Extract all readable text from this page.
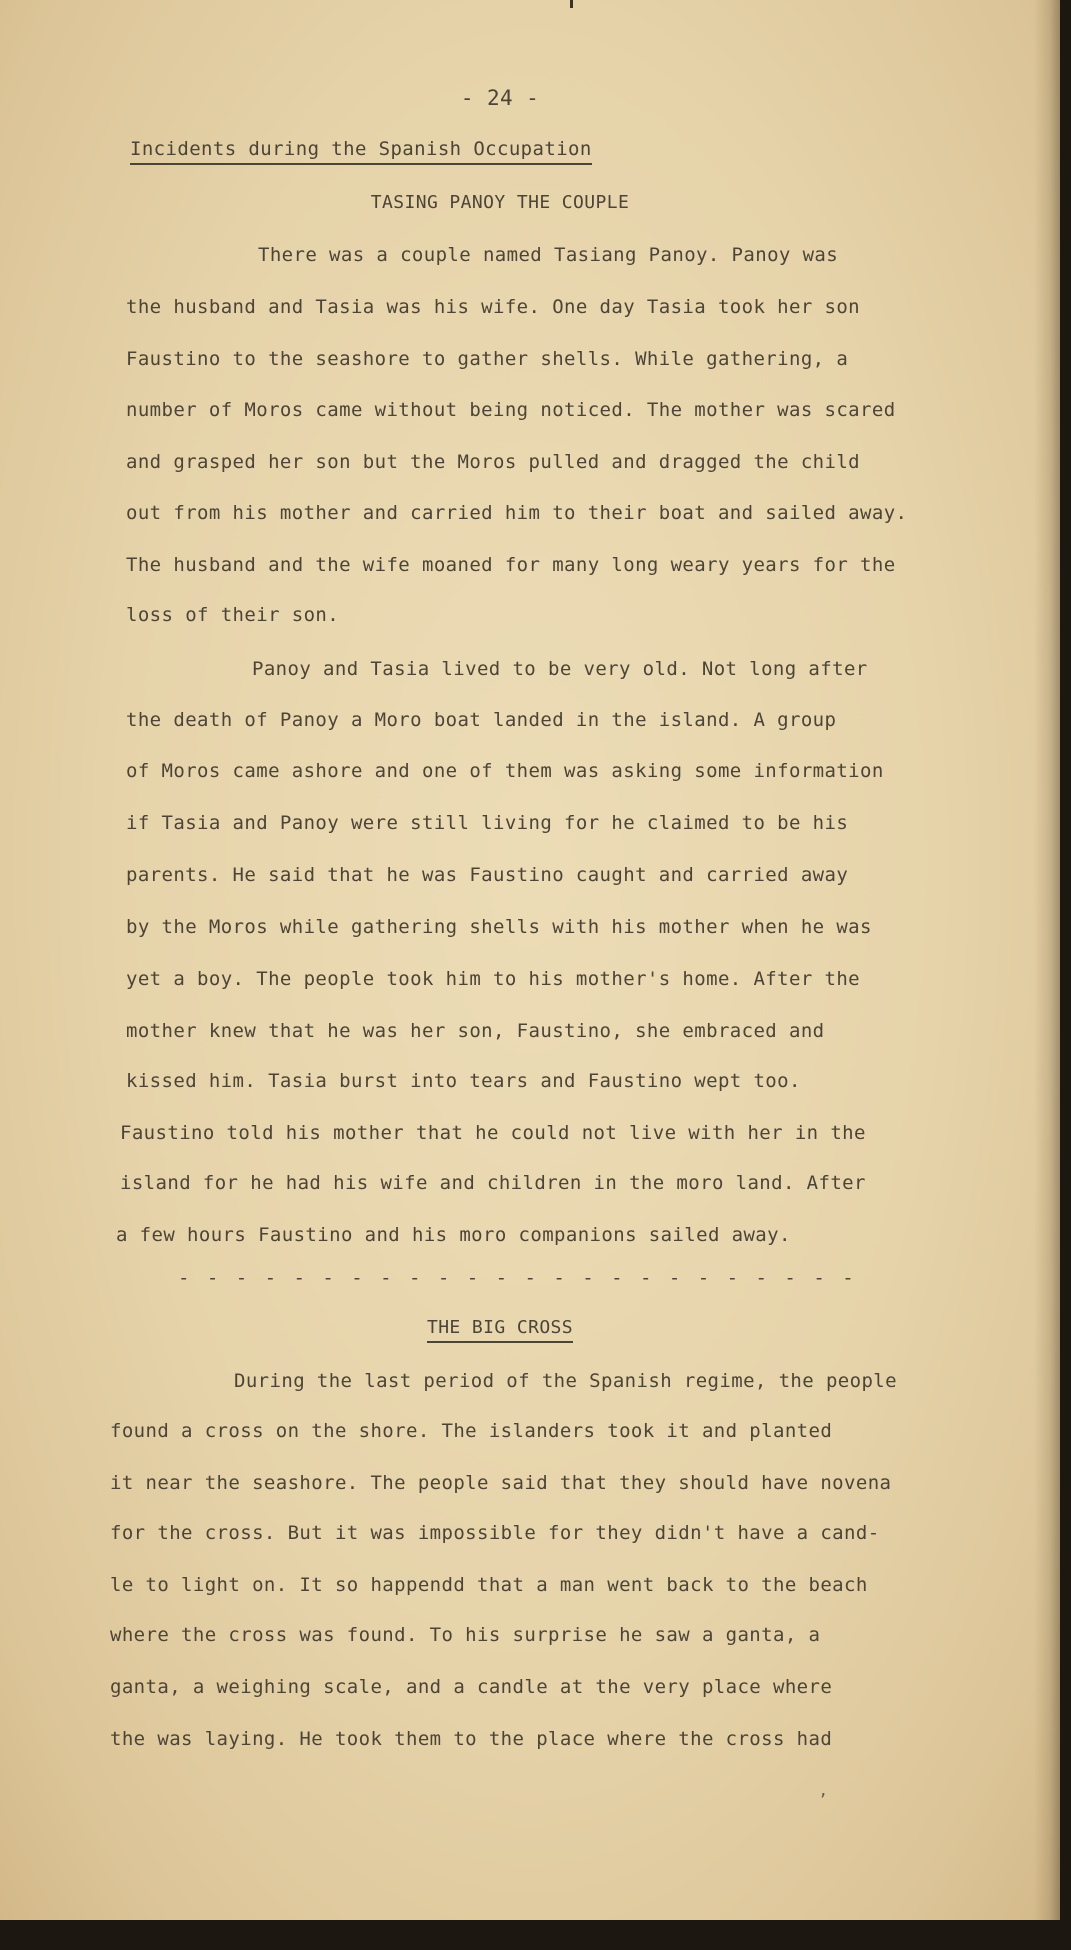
- 24 -
Incidents during the Spanish Occupation
TASING PANOY THE COUPLE
There was a couple named Tasiang Panoy. Panoy was
the husband and Tasia was his wife. One day Tasia took her son
Faustino to the seashore to gather shells. While gathering, a
number of Moros came without being noticed. The mother was scared
and grasped her son but the Moros pulled and dragged the child
out from his mother and carried him to their boat and sailed away.
The husband and the wife moaned for many long weary years for the
loss of their son.
Panoy and Tasia lived to be very old. Not long after
the death of Panoy a Moro boat landed in the island. A group
of Moros came ashore and one of them was asking some information
if Tasia and Panoy were still living for he claimed to be his
parents. He said that he was Faustino caught and carried away
by the Moros while gathering shells with his mother when he was
yet a boy. The people took him to his mother's home. After the
mother knew that he was her son, Faustino, she embraced and
kissed him. Tasia burst into tears and Faustino wept too.
Faustino told his mother that he could not live with her in the
island for he had his wife and children in the moro land. After
a few hours Faustino and his moro companions sailed away.
- - - - - - - - - - - - - - - - - - - - - - - -
THE BIG CROSS
During the last period of the Spanish regime, the people
found a cross on the shore. The islanders took it and planted
it near the seashore. The people said that they should have novena
for the cross. But it was impossible for they didn't have a cand-
le to light on. It so happendd that a man went back to the beach
where the cross was found. To his surprise he saw a ganta, a
ganta, a weighing scale, and a candle at the very place where
the was laying. He took them to the place where the cross had
’
